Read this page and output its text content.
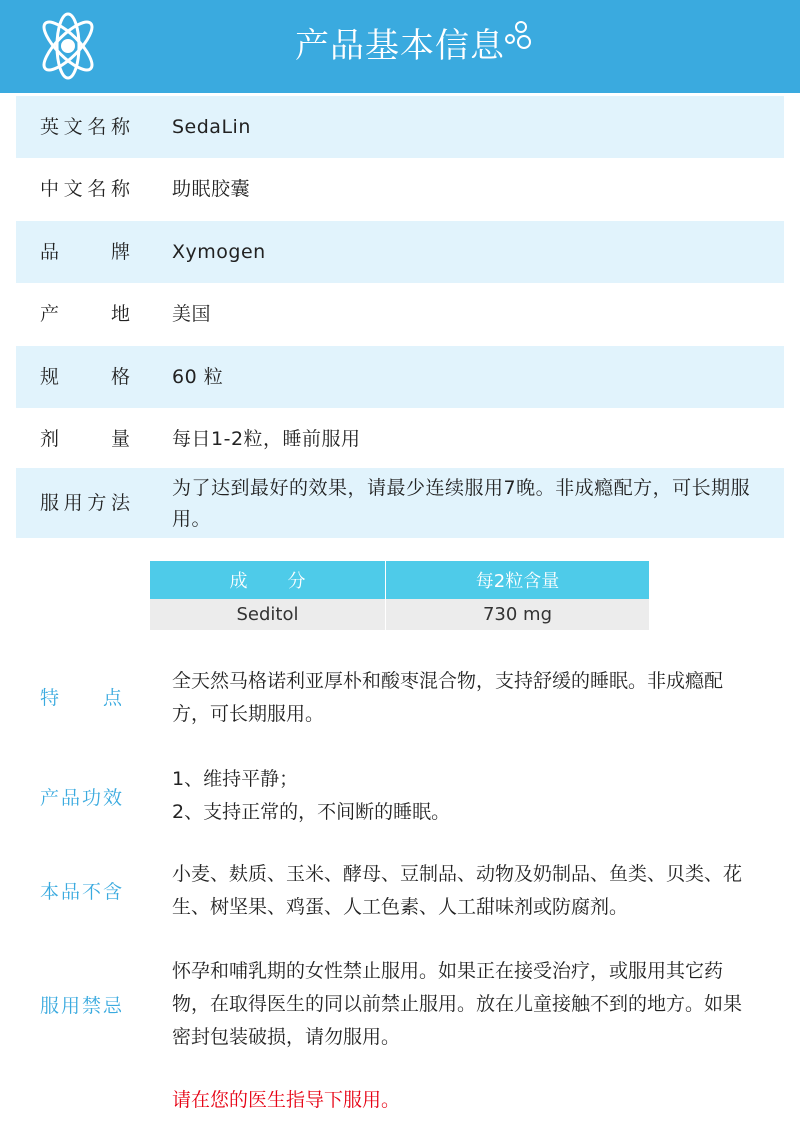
产品基本信息
英文名称 SedaLin
中文名称 助眠胶囊
品牌 Xymogen
产地 美国
规格 60 粒
剂量 每日1-2粒，睡前服用
服用方法
为了达到最好的效果，请最少连续服用7晚。非成瘾配方，可长期服用。
成分	每2粒含量
Seditol	730 mg
特点
全天然马格诺利亚厚朴和酸枣混合物，支持舒缓的睡眠。非成瘾配方，可长期服用。
产品功效

1、维持平静；

2、支持正常的，不间断的睡眠。

本品不含
小麦、麸质、玉米、酵母、豆制品、动物及奶制品、鱼类、贝类、花生、树坚果、鸡蛋、人工色素、人工甜味剂或防腐剂。
服用禁忌
怀孕和哺乳期的女性禁止服用。如果正在接受治疗，或服用其它药物，在取得医生的同以前禁止服用。放在儿童接触不到的地方。如果密封包装破损，请勿服用。
请在您的医生指导下服用。
